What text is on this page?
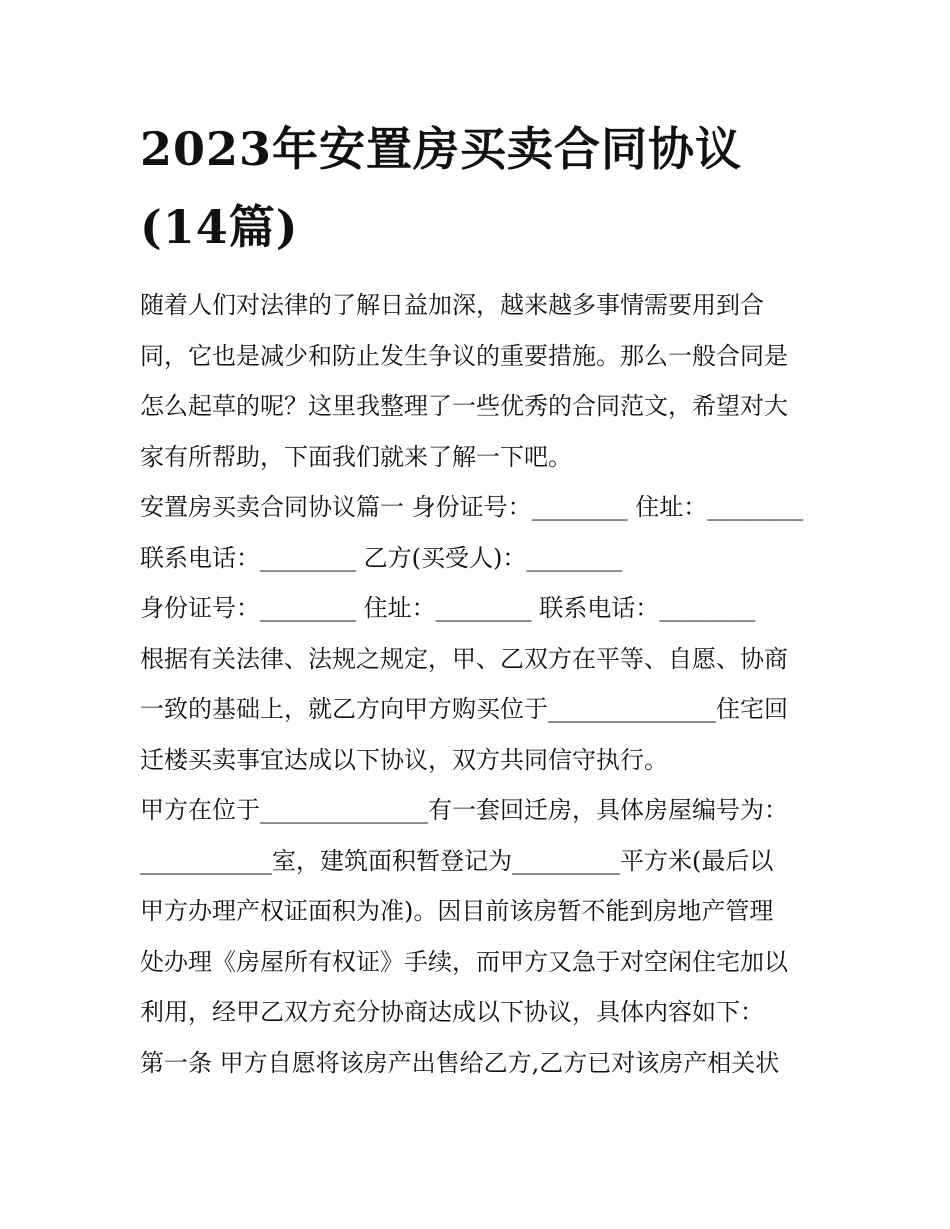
2023年安置房买卖合同协议
(14篇)
随着人们对法律的了解日益加深，越来越多事情需要用到合
同，它也是减少和防止发生争议的重要措施。那么一般合同是
怎么起草的呢？这里我整理了一些优秀的合同范文，希望对大
家有所帮助，下面我们就来了解一下吧。
安置房买卖合同协议篇一 身份证号：________ 住址：________
联系电话：________ 乙方(买受人)：________
身份证号：________ 住址：________ 联系电话：________
根据有关法律、法规之规定，甲、乙双方在平等、自愿、协商
一致的基础上，就乙方向甲方购买位于______________住宅回
迁楼买卖事宜达成以下协议，双方共同信守执行。
甲方在位于______________有一套回迁房，具体房屋编号为：
___________室，建筑面积暂登记为_________平方米(最后以
甲方办理产权证面积为准)。因目前该房暂不能到房地产管理
处办理《房屋所有权证》手续，而甲方又急于对空闲住宅加以
利用，经甲乙双方充分协商达成以下协议，具体内容如下：
第一条 甲方自愿将该房产出售给乙方,乙方已对该房产相关状
